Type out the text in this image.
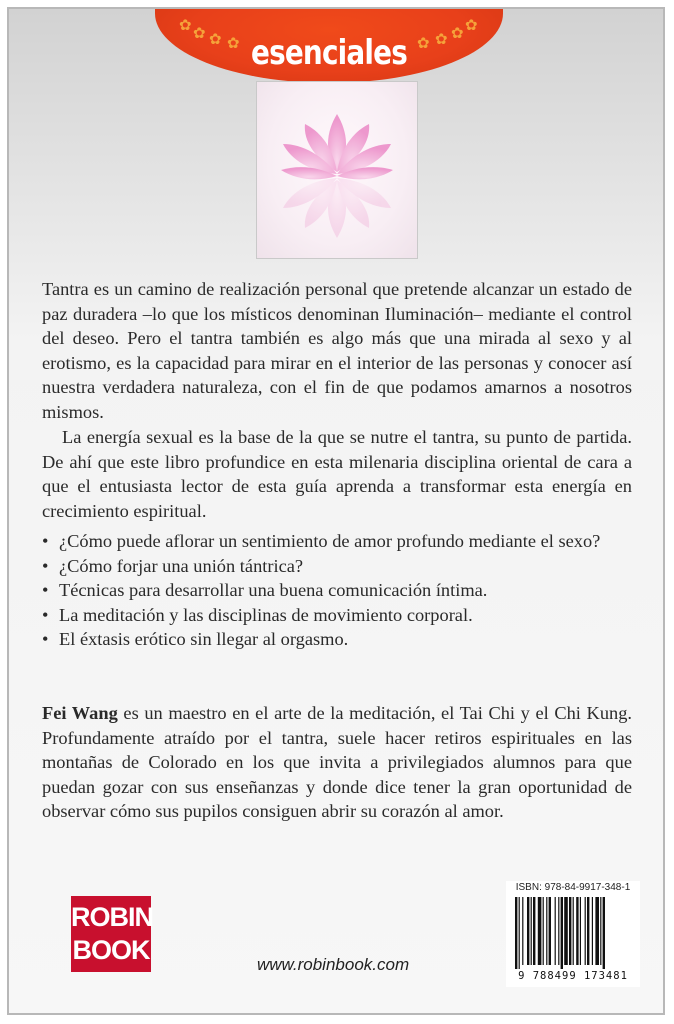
✿ ✿ ✿ ✿ esenciales ✿ ✿ ✿ ✿

Tantra es un camino de realización personal que pretende alcanzar un estado de paz duradera –lo que los místicos denominan Iluminación– mediante el control del deseo. Pero el tantra también es algo más que una mirada al sexo y al erotismo, es la capacidad para mirar en el interior de las personas y conocer así nuestra verdadera naturaleza, con el fin de que podamos amarnos a nosotros mismos.

La energía sexual es la base de la que se nutre el tantra, su punto de partida. De ahí que este libro profundice en esta milenaria disciplina oriental de cara a que el entusiasta lector de esta guía aprenda a transformar esta energía en crecimiento espiritual.

• ¿Cómo puede aflorar un sentimiento de amor profundo mediante el sexo?
• ¿Cómo forjar una unión tántrica?
• Técnicas para desarrollar una buena comunicación íntima.
• La meditación y las disciplinas de movimiento corporal.
• El éxtasis erótico sin llegar al orgasmo.
Fei Wang es un maestro en el arte de la meditación, el Tai Chi y el Chi Kung. Profundamente atraído por el tantra, suele hacer retiros espirituales en las montañas de Colorado en los que invita a privilegiados alumnos para que puedan gozar con sus enseñanzas y donde dice tener la gran oportunidad de observar cómo sus pupilos consiguen abrir su corazón al amor.
ROBIN
BOOK	www.robinbook.com
ISBN: 978-84-9917-348-1
9 788499 173481
